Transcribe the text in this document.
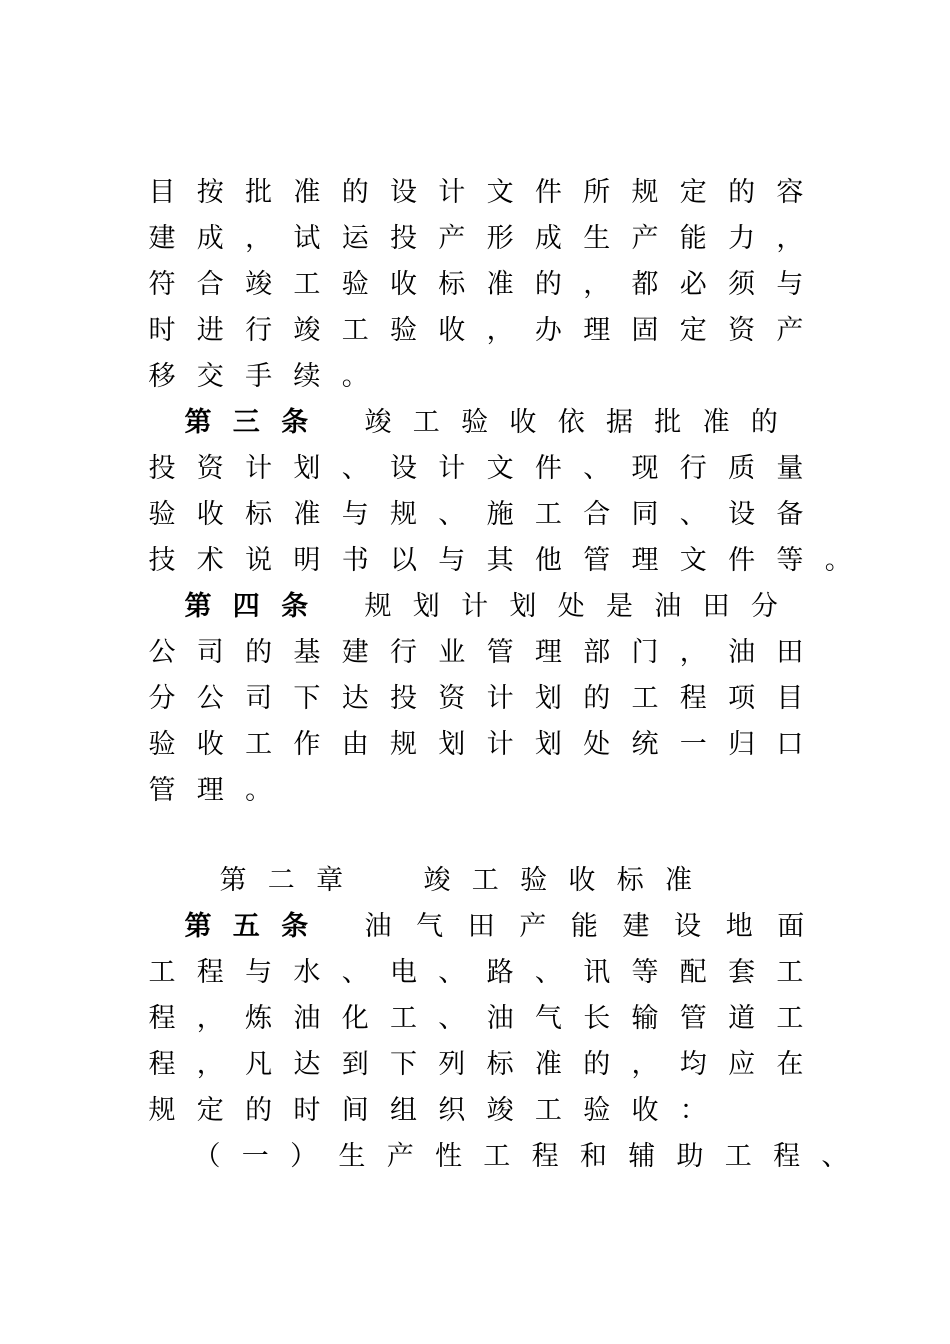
目 按 批 准 的 设 计 文 件 所 规 定 的 容
建 成 ， 试 运 投 产 形 成 生 产 能 力 ，
符 合 竣 工 验 收 标 准 的 ， 都 必 须 与
时 进 行 竣 工 验 收 ， 办 理 固 定 资 产
移 交 手 续 。
第 三 条 竣 工 验 收 依 据 批 准 的
投 资 计 划 、 设 计 文 件 、 现 行 质 量
验 收 标 准 与 规 、 施 工 合 同 、 设 备
技 术 说 明 书 以 与 其 他 管 理 文 件 等 。
第 四 条 规 划 计 划 处 是 油 田 分
公 司 的 基 建 行 业 管 理 部 门 ， 油 田
分 公 司 下 达 投 资 计 划 的 工 程 项 目
验 收 工 作 由 规 划 计 划 处 统 一 归 口
管 理 。
第 二 章	竣 工 验 收 标 准
第 五 条 油 气 田 产 能 建 设 地 面
工 程 与 水 、 电 、 路 、 讯 等 配 套 工
程 ， 炼 油 化 工 、 油 气 长 输 管 道 工
程 ， 凡 达 到 下 列 标 准 的 ， 均 应 在
规 定 的 时 间 组 织 竣 工 验 收 ：
（ 一 ） 生 产 性 工 程 和 辅 助 工 程 、
